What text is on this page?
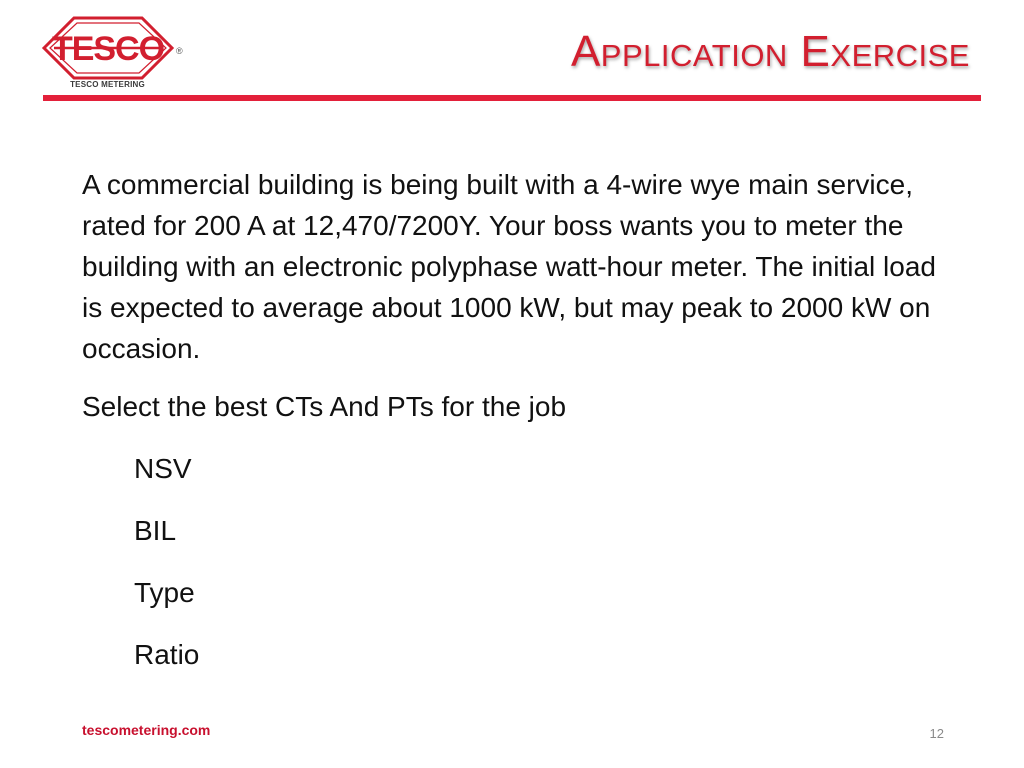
TESCO ®
TESCO METERING
Application Exercise

A commercial building is being built with a 4-wire wye main service, rated for 200 A at 12,470/7200Y. Your boss wants you to meter the building with an electronic polyphase watt-hour meter. The initial load is expected to average about 1000 kW, but may peak to 2000 kW on occasion.

Select the best CTs And PTs for the job

NSV
BIL
Type
Ratio
tescometering.com	12
